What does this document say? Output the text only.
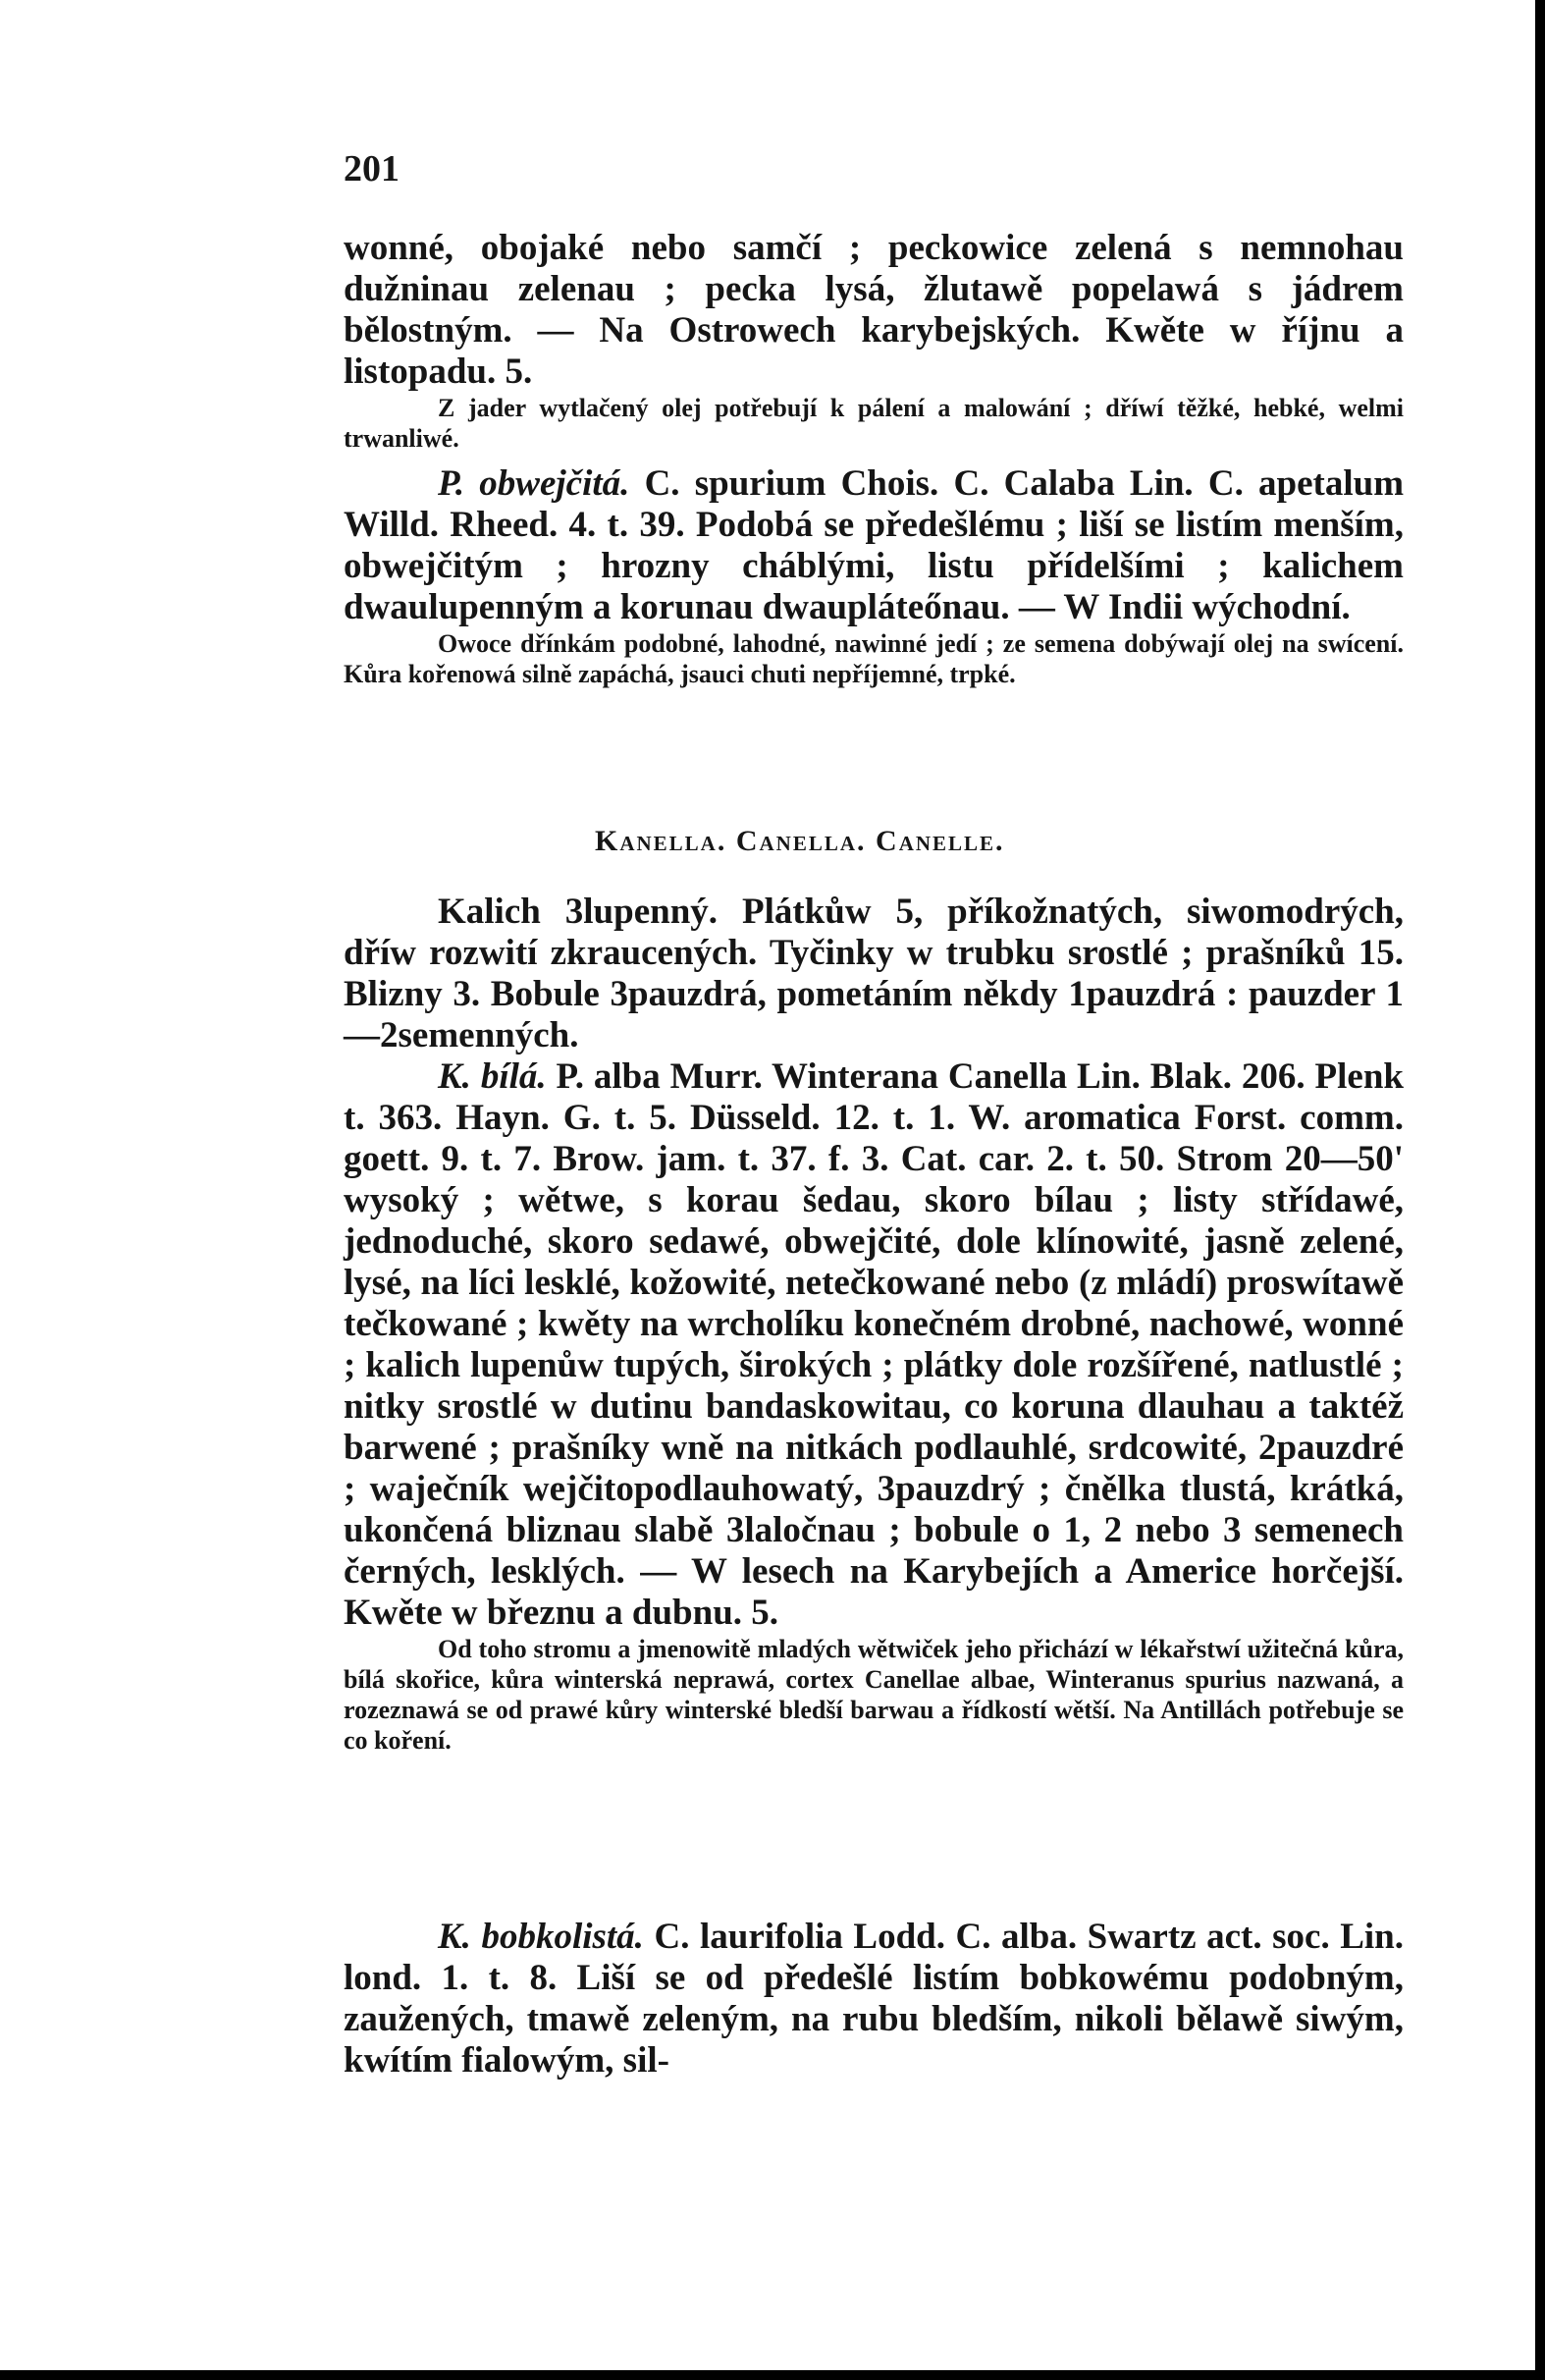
201

wonné, obojaké nebo samčí ; peckowice zelená s nemnohau dužninau zelenau ; pecka lysá, žlutawě popelawá s jádrem bělostným. — Na Ostrowech karybejských. Kwěte w říjnu a listopadu. 5.

Z jader wytlačený olej potřebují k pálení a malowání ; dříwí těžké, hebké, welmi trwanliwé.

P. obwejčitá. C. spurium Chois. C. Calaba Lin. C. apetalum Willd. Rheed. 4. t. 39. Podobá se předešlému ; liší se listím menším, obwejčitým ; hrozny cháblými, listu přídelšími ; kalichem dwaulupenným a korunau dwaupláteőnau. — W Indii wýchodní.

Owoce dřínkám podobné, lahodné, nawinné jedí ; ze semena dobýwají olej na swícení. Kůra kořenowá silně zapáchá, jsauci chuti nepříjemné, trpké.

Kanella. Canella. Canelle.

Kalich 3lupenný. Plátkůw 5, příkožnatých, siwomodrých, dříw rozwití zkraucených. Tyčinky w trubku srostlé ; prašníků 15. Blizny 3. Bobule 3pauzdrá, pometáním někdy 1pauzdrá : pauzder 1—2semenných.

K. bílá. P. alba Murr. Winterana Canella Lin. Blak. 206. Plenk t. 363. Hayn. G. t. 5. Düsseld. 12. t. 1. W. aromatica Forst. comm. goett. 9. t. 7. Brow. jam. t. 37. f. 3. Cat. car. 2. t. 50. Strom 20—50' wysoký ; wětwe, s korau šedau, skoro bílau ; listy střídawé, jednoduché, skoro sedawé, obwejčité, dole klínowité, jasně zelené, lysé, na líci lesklé, kožowité, netečkowané nebo (z mládí) proswítawě tečkowané ; kwěty na wrcholíku konečném drobné, nachowé, wonné ; kalich lupenůw tupých, širokých ; plátky dole rozšířené, natlustlé ; nitky srostlé w dutinu bandaskowitau, co koruna dlauhau a taktéž barwené ; prašníky wně na nitkách podlauhlé, srdcowité, 2pauzdré ; waječník wejčitopodlauhowatý, 3pauzdrý ; čnělka tlustá, krátká, ukončená bliznau slabě 3laločnau ; bobule o 1, 2 nebo 3 semenech černých, lesklých. — W lesech na Karybejích a Americe horčejší. Kwěte w březnu a dubnu. 5.

Od toho stromu a jmenowitě mladých wětwiček jeho přichází w lékařstwí užitečná kůra, bílá skořice, kůra winterská neprawá, cortex Canellae albae, Winteranus spurius nazwaná, a rozeznawá se od prawé kůry winterské bledší barwau a řídkostí wětší. Na Antillách potřebuje se co koření.

K. bobkolistá. C. laurifolia Lodd. C. alba. Swartz act. soc. Lin. lond. 1. t. 8. Liší se od předešlé listím bobkowému podobným, zaužených, tmawě zeleným, na rubu bledším, nikoli bělawě siwým, kwítím fialowým, sil-
